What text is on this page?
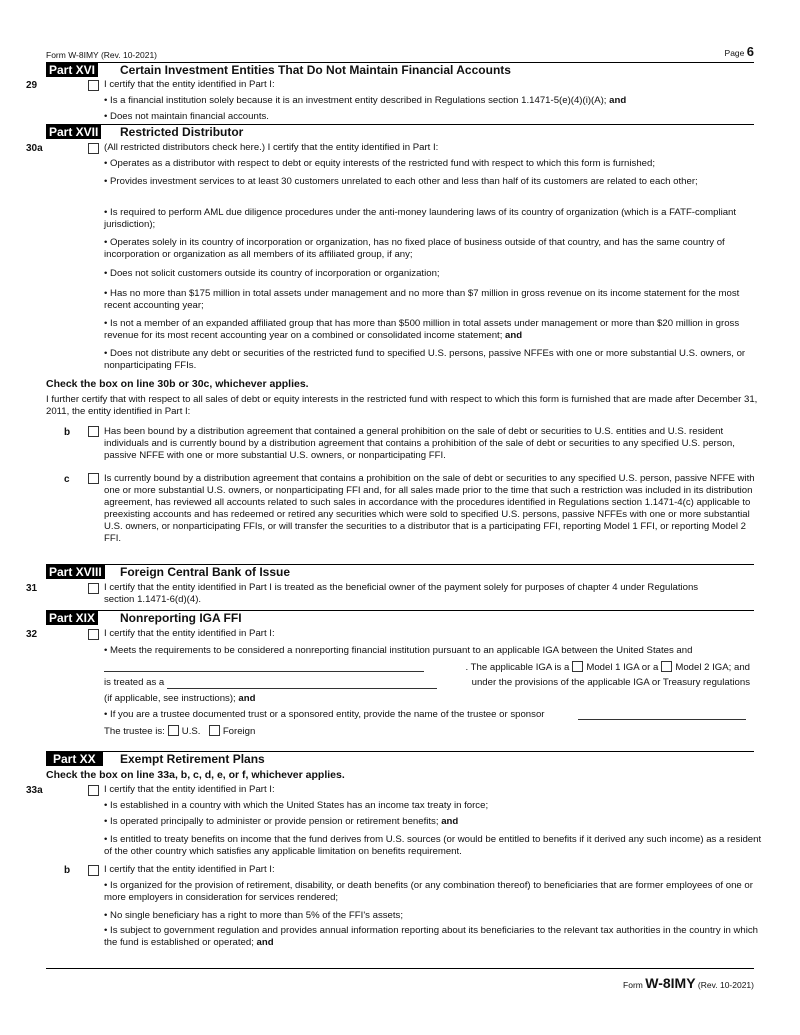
Form W-8IMY (Rev. 10-2021)	Page 6
Part XVI Certain Investment Entities That Do Not Maintain Financial Accounts
29	I certify that the entity identified in Part I:
• Is a financial institution solely because it is an investment entity described in Regulations section 1.1471-5(e)(4)(i)(A); and
• Does not maintain financial accounts.
Part XVII Restricted Distributor
30a	(All restricted distributors check here.) I certify that the entity identified in Part I:
• Operates as a distributor with respect to debt or equity interests of the restricted fund with respect to which this form is furnished;
• Provides investment services to at least 30 customers unrelated to each other and less than half of its customers are related to each other;
• Is required to perform AML due diligence procedures under the anti-money laundering laws of its country of organization (which is a FATF-compliant jurisdiction);
• Operates solely in its country of incorporation or organization, has no fixed place of business outside of that country, and has the same country of incorporation or organization as all members of its affiliated group, if any;
• Does not solicit customers outside its country of incorporation or organization;
• Has no more than $175 million in total assets under management and no more than $7 million in gross revenue on its income statement for the most recent accounting year;
• Is not a member of an expanded affiliated group that has more than $500 million in total assets under management or more than $20 million in gross revenue for its most recent accounting year on a combined or consolidated income statement; and
• Does not distribute any debt or securities of the restricted fund to specified U.S. persons, passive NFFEs with one or more substantial U.S. owners, or nonparticipating FFIs.
Check the box on line 30b or 30c, whichever applies.
I further certify that with respect to all sales of debt or equity interests in the restricted fund with respect to which this form is furnished that are made after December 31, 2011, the entity identified in Part I:
b	Has been bound by a distribution agreement that contained a general prohibition on the sale of debt or securities to U.S. entities and U.S. resident individuals and is currently bound by a distribution agreement that contains a prohibition of the sale of debt or securities to any specified U.S. person, passive NFFE with one or more substantial U.S. owners, or nonparticipating FFI.
c	Is currently bound by a distribution agreement that contains a prohibition on the sale of debt or securities to any specified U.S. person, passive NFFE with one or more substantial U.S. owners, or nonparticipating FFI and, for all sales made prior to the time that such a restriction was included in its distribution agreement, has reviewed all accounts related to such sales in accordance with the procedures identified in Regulations section 1.1471-4(c) applicable to preexisting accounts and has redeemed or retired any securities which were sold to specified U.S. persons, passive NFFEs with one or more substantial U.S. owners, or nonparticipating FFIs, or will transfer the securities to a distributor that is a participating FFI, reporting Model 1 FFI, or reporting Model 2 FFI.
Part XVIII Foreign Central Bank of Issue
31	I certify that the entity identified in Part I is treated as the beneficial owner of the payment solely for purposes of chapter 4 under Regulations section 1.1471-6(d)(4).
Part XIX Nonreporting IGA FFI
32	I certify that the entity identified in Part I:
• Meets the requirements to be considered a nonreporting financial institution pursuant to an applicable IGA between the United States and
. The applicable IGA is a Model 1 IGA or a Model 2 IGA; and
is treated as a	under the provisions of the applicable IGA or Treasury regulations
(if applicable, see instructions); and
• If you are a trustee documented trust or a sponsored entity, provide the name of the trustee or sponsor
The trustee is: U.S. Foreign
Part XX	Exempt Retirement Plans
Check the box on line 33a, b, c, d, e, or f, whichever applies.
33a	I certify that the entity identified in Part I:
• Is established in a country with which the United States has an income tax treaty in force;
• Is operated principally to administer or provide pension or retirement benefits; and
• Is entitled to treaty benefits on income that the fund derives from U.S. sources (or would be entitled to benefits if it derived any such income) as a resident of the other country which satisfies any applicable limitation on benefits requirement.
b	I certify that the entity identified in Part I:
• Is organized for the provision of retirement, disability, or death benefits (or any combination thereof) to beneficiaries that are former employees of one or more employers in consideration for services rendered;
• No single beneficiary has a right to more than 5% of the FFI's assets;
• Is subject to government regulation and provides annual information reporting about its beneficiaries to the relevant tax authorities in the country in which the fund is established or operated; and
Form W-8IMY (Rev. 10-2021)
